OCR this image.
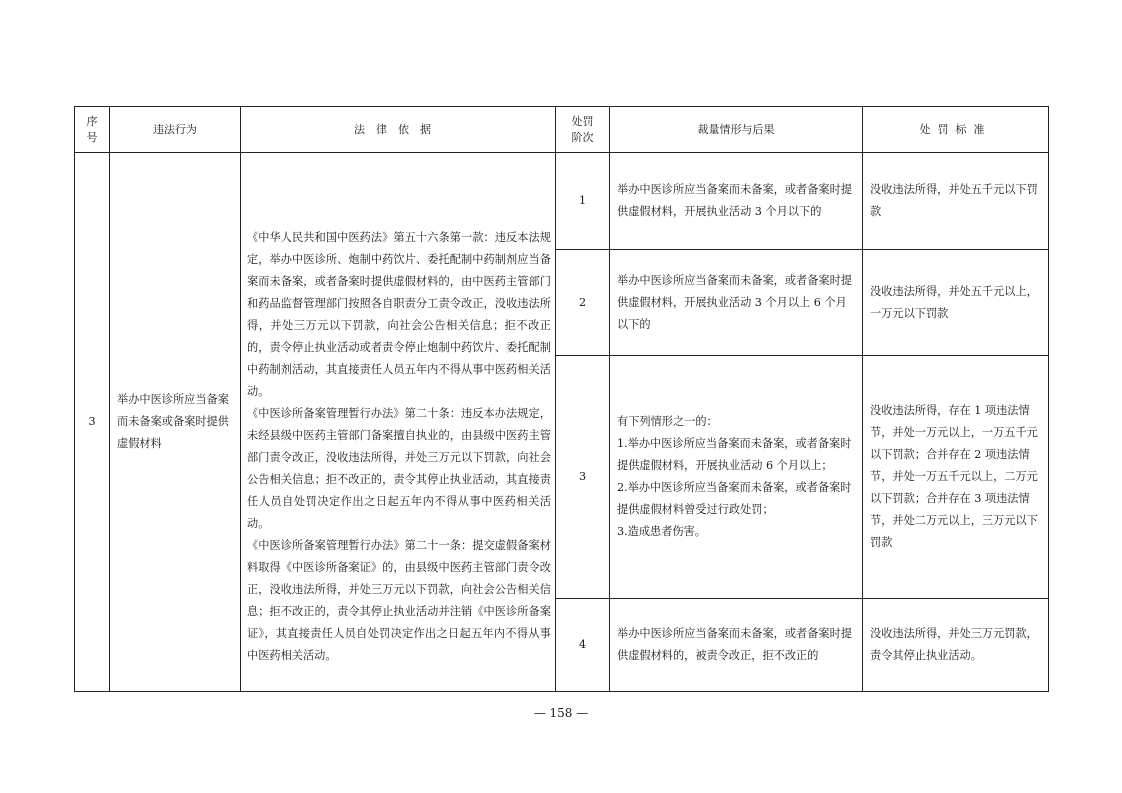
序号	违法行为	法律依据	处罚阶次	裁量情形与后果	处罚标准
3	举办中医诊所应当备案而未备案或备案时提供虚假材料	《中华人民共和国中医药法》第五十六条第一款：违反本法规定，举办中医诊所、炮制中药饮片、委托配制中药制剂应当备案而未备案，或者备案时提供虚假材料的，由中医药主管部门和药品监督管理部门按照各自职责分工责令改正，没收违法所得，并处三万元以下罚款，向社会公告相关信息；拒不改正的，责令停止执业活动或者责令停止炮制中药饮片、委托配制中药制剂活动，其直接责任人员五年内不得从事中医药相关活动。
《中医诊所备案管理暂行办法》第二十条：违反本办法规定，未经县级中医药主管部门备案擅自执业的，由县级中医药主管部门责令改正，没收违法所得，并处三万元以下罚款，向社会公告相关信息；拒不改正的，责令其停止执业活动，其直接责任人员自处罚决定作出之日起五年内不得从事中医药相关活动。
《中医诊所备案管理暂行办法》第二十一条：提交虚假备案材料取得《中医诊所备案证》的，由县级中医药主管部门责令改正，没收违法所得，并处三万元以下罚款，向社会公告相关信息；拒不改正的，责令其停止执业活动并注销《中医诊所备案证》，其直接责任人员自处罚决定作出之日起五年内不得从事中医药相关活动。	1	举办中医诊所应当备案而未备案，或者备案时提供虚假材料，开展执业活动 3 个月以下的	没收违法所得，并处五千元以下罚款
			2	举办中医诊所应当备案而未备案，或者备案时提供虚假材料，开展执业活动 3 个月以上 6 个月以下的	没收违法所得，并处五千元以上，一万元以下罚款
			3	有下列情形之一的：
1.举办中医诊所应当备案而未备案，或者备案时提供虚假材料，开展执业活动 6 个月以上；
2.举办中医诊所应当备案而未备案，或者备案时提供虚假材料曾受过行政处罚；
3.造成患者伤害。	没收违法所得，存在 1 项违法情节，并处一万元以上，一万五千元以下罚款；合并存在 2 项违法情节，并处一万五千元以上，二万元以下罚款；合并存在 3 项违法情节，并处二万元以上，三万元以下罚款
			4	举办中医诊所应当备案而未备案，或者备案时提供虚假材料的，被责令改正，拒不改正的	没收违法所得，并处三万元罚款，责令其停止执业活动。
— 158 —
